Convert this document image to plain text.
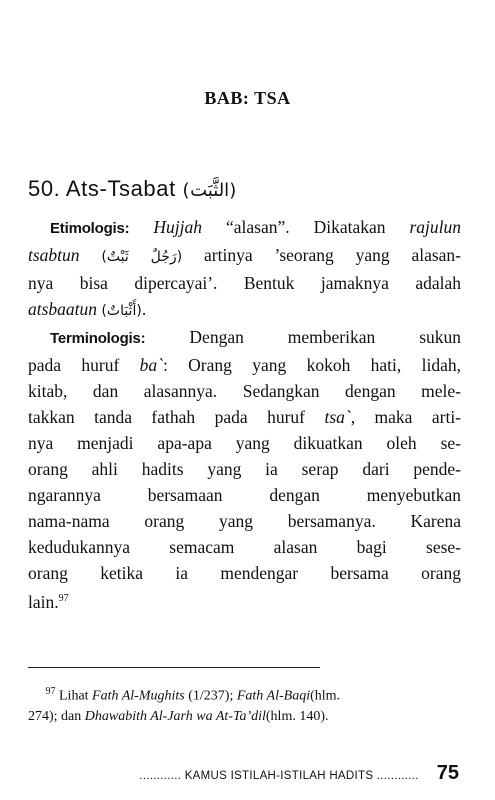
BAB: TSA
50. Ats-Tsabat (الثَّبَت)
Etimologis: Hujjah “alasan”. Dikatakan rajulun
tsabtun (رَجُلٌ ثَبْتٌ) artinya ’seorang yang alasan-
nya bisa dipercayai’. Bentuk jamaknya adalah
atsbaatun (أَثْبَاتٌ).
Terminologis:	Dengan memberikan sukun
pada huruf ba`: Orang yang kokoh hati, lidah,
kitab, dan alasannya. Sedangkan dengan mele-
takkan tanda fathah pada huruf tsa`, maka arti-
nya menjadi apa-apa yang dikuatkan oleh se-
orang ahli hadits yang ia serap dari pende-
ngarannya bersamaan dengan menyebutkan
nama-nama orang yang bersamanya. Karena
kedudukannya semacam alasan bagi sese-
orang ketika ia mendengar bersama orang
lain.$^{97}$
$^{97}$ Lihat Fath Al-Mughits (1/237); Fath Al-Baqi(hlm.
274); dan Dhawabith Al-Jarh wa At-Ta’dil(hlm. 140).
............ KAMUS ISTILAH-ISTILAH HADITS ............ 75
